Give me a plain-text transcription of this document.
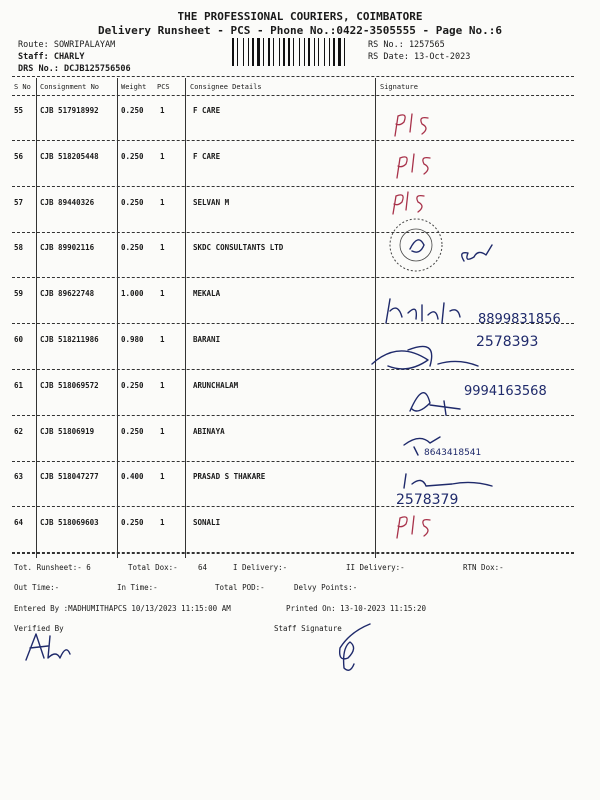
THE PROFESSIONAL COURIERS, COIMBATORE
Delivery Runsheet - PCS - Phone No.:0422-3505555 - Page No.:6
Route: SOWRIPALAYAM
Staff: CHARLY
DRS No.: DCJB125756506
RS No.: 1257565
RS Date: 13-Oct-2023
S No Consignment No	Weight PCS	Consignee Details	Signature
55 CJB 517918992	0.250 1	F CARE
56 CJB 518205448	0.250 1	F CARE
57 CJB 89440326	0.250 1	SELVAN M
58 CJB 89902116	0.250 1	SKDC CONSULTANTS LTD
59 CJB 89622748	1.000 1	MEKALA
60 CJB 518211986	0.980 1	BARANI
61 CJB 518069572	0.250 1	ARUNCHALAM
62 CJB 51806919	0.250 1	ABINAYA
63 CJB 518047277	0.400 1	PRASAD S THAKARE
64 CJB 518069603	0.250 1	SONALI
8899831856
2578393
9994163568
8643418541
2578379
Tot. Runsheet:- 6	Total Dox:-	64	I Delivery:-	II Delivery:-	RTN Dox:-
Out Time:-	In Time:-	Total POD:-	Delvy Points:-
Entered By :MADHUMITHAPCS 10/13/2023 11:15:00 AM	Printed On: 13-10-2023 11:15:20
Verified By	Staff Signature
